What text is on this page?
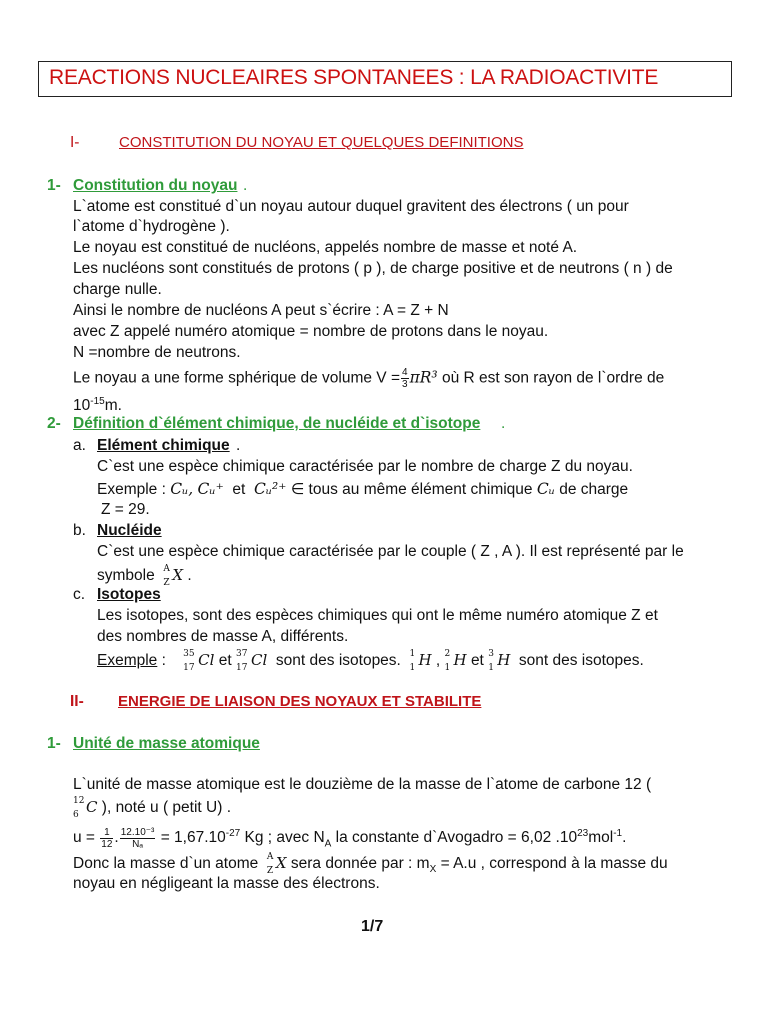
REACTIONS NUCLEAIRES SPONTANEES : LA RADIOACTIVITE
I-	CONSTITUTION DU NOYAU ET QUELQUES DEFINITIONS
1- Constitution du noyau .
L`atome est constitué d`un noyau autour duquel gravitent des électrons ( un pour
l`atome d`hydrogène ).
Le noyau est constitué de nucléons, appelés nombre de masse et noté A.
Les nucléons sont constitués de protons ( p ), de charge positive et de neutrons ( n ) de
charge nulle.
Ainsi le nombre de nucléons A peut s`écrire : A = Z + N
avec Z appelé numéro atomique = nombre de protons dans le noyau.
N =nombre de neutrons.
Le noyau a une forme sphérique de volume $V = \frac{4}{3} \pi R^3$ où R est son rayon de l`ordre de
$10^{-15}m$.
2- Définition d`élément chimique, de nucléide et d`isotope .
a. Elément chimique .
C`est une espèce chimique caractérisée par le nombre de charge Z du noyau.
Exemple : Cᵤ, Cᵤ⁺ et Cᵤ²⁺ ∈ tous au même élément chimique Cᵤ de charge
Z = 29.
b. Nucléide
C`est une espèce chimique caractérisée par le couple ( Z , A ). Il est représenté par le
symbole A
Z X .
c. Isotopes
Les isotopes, sont des espèces chimiques qui ont le même numéro atomique Z et
des nombres de masse A, différents.
Exemple : 35
17 Cl et 37
17 Cl sont des isotopes. 1
1 H , 2
1 H et 3
1 H sont des isotopes.
II- ENERGIE DE LIAISON DES NOYAUX ET STABILITE
1- Unité de masse atomique
L`unité de masse atomique est le douzième de la masse de l`atome de carbone 12 (
12
6 C ), noté u ( petit U) .
$u = \frac{1}{12}$ . $\frac{\text{12.10⁻³}}{\text{Nₐ}} = 1,67.10^{-27}$ Kg ; avec $N_A$ la constante d`Avogadro = 6,02 $.10^{23}mol^{-1}$.
Donc la masse d`un atome A
Z X sera donnée par : $m_X = A.u$ , correspond à la masse du
noyau en négligeant la masse des électrons.
1/7
